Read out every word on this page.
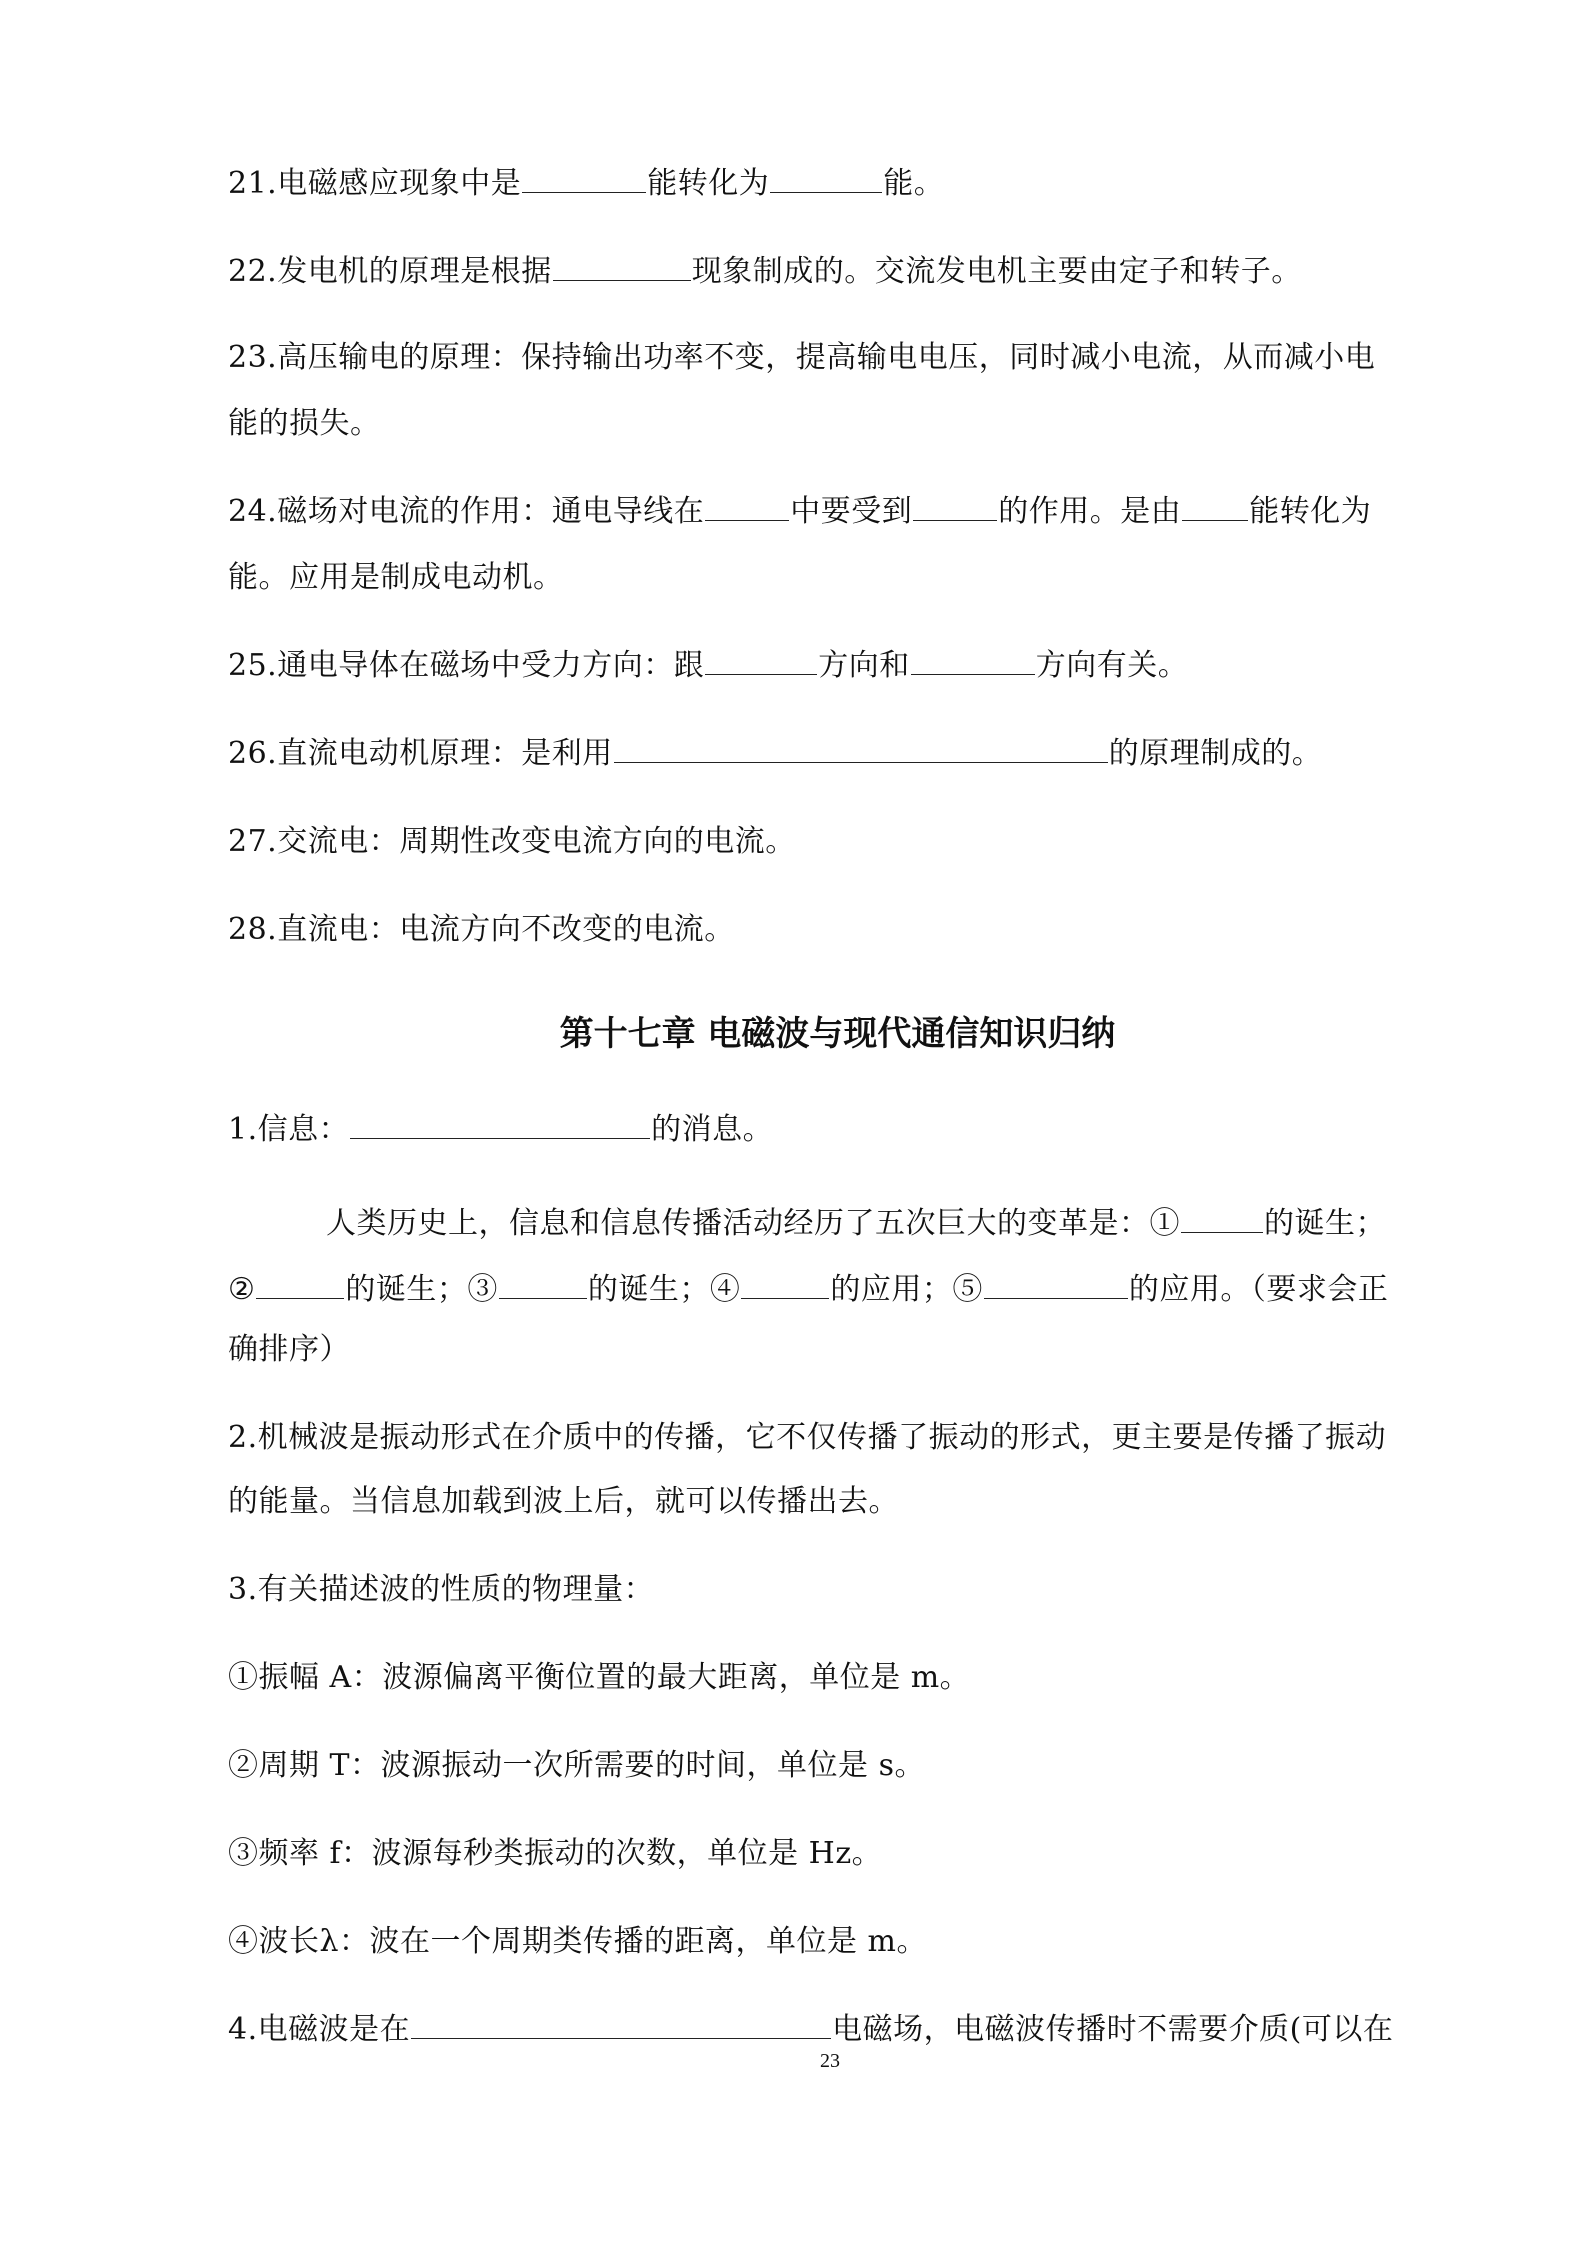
21.电磁感应现象中是	能转化为	能。
22.发电机的原理是根据	现象制成的。交流发电机主要由定子和转子。
23.高压输电的原理：保持输出功率不变，提高输电电压，同时减小电流，从而减小电
能的损失。
24.磁场对电流的作用：通电导线在	中要受到	的作用。是由 能转化为
能。应用是制成电动机。
25.通电导体在磁场中受力方向：跟	方向和	方向有关。
26.直流电动机原理：是利用	的原理制成的。
27.交流电：周期性改变电流方向的电流。
28.直流电：电流方向不改变的电流。
第十七章 电磁波与现代通信知识归纳
1.信息：	的消息。
人类历史上，信息和信息传播活动经历了五次巨大的变革是：①	的诞生；
②	的诞生；③	的诞生；④	的应用；⑤	的应用。（要求会正
确排序）
2.机械波是振动形式在介质中的传播，它不仅传播了振动的形式，更主要是传播了振动
的能量。当信息加载到波上后，就可以传播出去。
3.有关描述波的性质的物理量：
①振幅 A：波源偏离平衡位置的最大距离，单位是 m。
②周期 T：波源振动一次所需要的时间，单位是 s。
③频率 f：波源每秒类振动的次数，单位是 Hz。
④波长λ：波在一个周期类传播的距离，单位是 m。
4.电磁波是在	电磁场，电磁波传播时不需要介质(可以在
23
